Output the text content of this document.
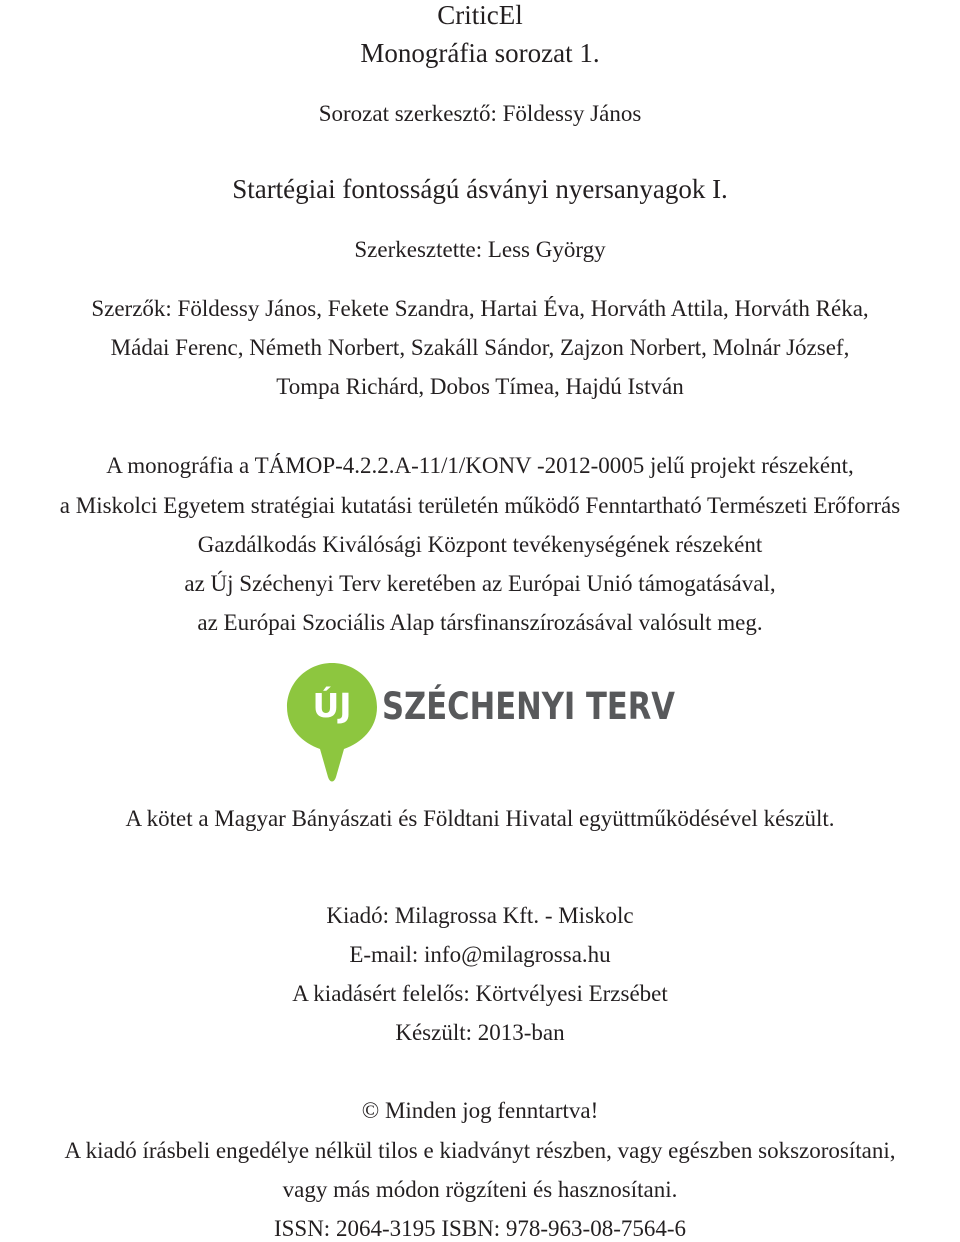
CriticEl
Monográfia sorozat 1.
Sorozat szerkesztő: Földessy János
Startégiai fontosságú ásványi nyersanyagok I.
Szerkesztette: Less György
Szerzők: Földessy János, Fekete Szandra, Hartai Éva, Horváth Attila, Horváth Réka,
Mádai Ferenc, Németh Norbert, Szakáll Sándor, Zajzon Norbert, Molnár József,
Tompa Richárd, Dobos Tímea, Hajdú István
A monográfia a TÁMOP-4.2.2.A-11/1/KONV -2012-0005 jelű projekt részeként,
a Miskolci Egyetem stratégiai kutatási területén működő Fenntartható Természeti Erőforrás
Gazdálkodás Kiválósági Központ tevékenységének részeként
az Új Széchenyi Terv keretében az Európai Unió támogatásával,
az Európai Szociális Alap társfinanszírozásával valósult meg.
ÚJ SZÉCHENYI TERV
A kötet a Magyar Bányászati és Földtani Hivatal együttműködésével készült.
Kiadó: Milagrossa Kft. - Miskolc
E-mail: info@milagrossa.hu
A kiadásért felelős: Körtvélyesi Erzsébet
Készült: 2013-ban
© Minden jog fenntartva!
A kiadó írásbeli engedélye nélkül tilos e kiadványt részben, vagy egészben sokszorosítani,
vagy más módon rögzíteni és hasznosítani.
ISSN: 2064-3195 ISBN: 978-963-08-7564-6
